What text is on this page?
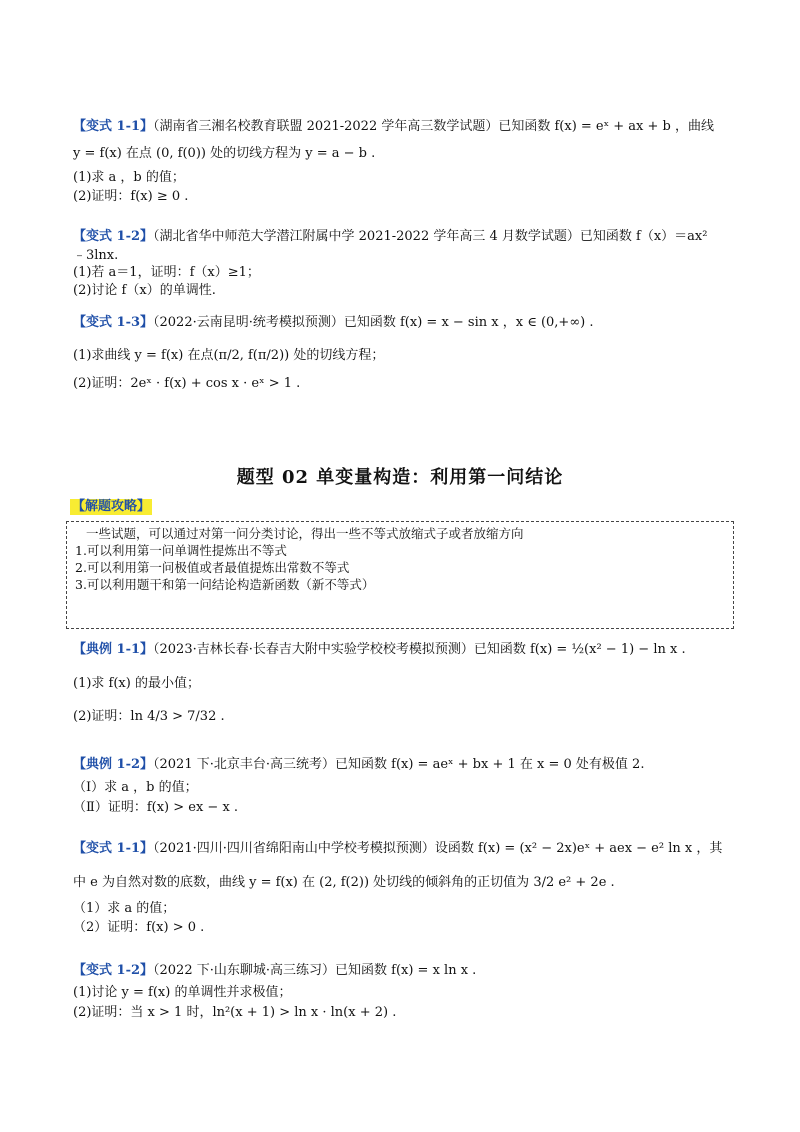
【变式 1-1】（湖南省三湘名校教育联盟 2021-2022 学年高三数学试题）已知函数 f(x) = eˣ + ax + b ，曲线
y = f(x) 在点 (0, f(0)) 处的切线方程为 y = a − b .
(1)求 a ，b 的值；
(2)证明：f(x) ≥ 0 .
【变式 1-2】（湖北省华中师范大学潜江附属中学 2021-2022 学年高三 4 月数学试题）已知函数 f（x）＝ax²
﹣3lnx.
(1)若 a＝1，证明：f（x）≥1；
(2)讨论 f（x）的单调性.
【变式 1-3】（2022·云南昆明·统考模拟预测）已知函数 f(x) = x − sin x ，x ∈ (0,+∞) .
(1)求曲线 y = f(x) 在点(π/2, f(π/2)) 处的切线方程；
(2)证明：2eˣ · f(x) + cos x · eˣ > 1 .
题型 02 单变量构造：利用第一问结论
【解题攻略】
一些试题，可以通过对第一问分类讨论，得出一些不等式放缩式子或者放缩方向
1.可以利用第一问单调性提炼出不等式
2.可以利用第一问极值或者最值提炼出常数不等式
3.可以利用题干和第一问结论构造新函数（新不等式）
【典例 1-1】（2023·吉林长春·长春吉大附中实验学校校考模拟预测）已知函数 f(x) = ½(x² − 1) − ln x .
(1)求 f(x) 的最小值；
(2)证明：ln 4/3 > 7/32 .
【典例 1-2】（2021 下·北京丰台·高三统考）已知函数 f(x) = aeˣ + bx + 1 在 x = 0 处有极值 2.
（Ⅰ）求 a ，b 的值；
（Ⅱ）证明：f(x) > ex − x .
【变式 1-1】（2021·四川·四川省绵阳南山中学校考模拟预测）设函数 f(x) = (x² − 2x)eˣ + aex − e² ln x ，其
中 e 为自然对数的底数，曲线 y = f(x) 在 (2, f(2)) 处切线的倾斜角的正切值为 3/2 e² + 2e .
（1）求 a 的值；
（2）证明：f(x) > 0 .
【变式 1-2】（2022 下·山东聊城·高三练习）已知函数 f(x) = x ln x .
(1)讨论 y = f(x) 的单调性并求极值；
(2)证明：当 x > 1 时，ln²(x + 1) > ln x · ln(x + 2) .
